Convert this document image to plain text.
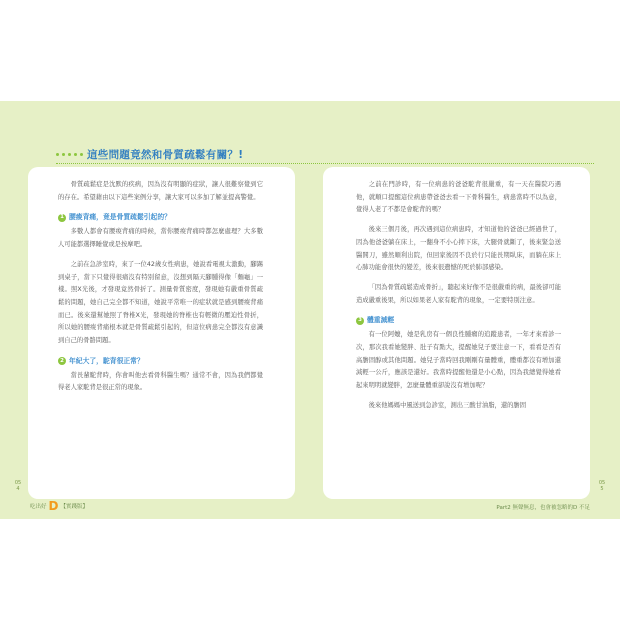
這些問題竟然和骨質疏鬆有關？!

骨質疏鬆症是沈默的疾病，因為沒有明顯的症狀，讓人很難察覺到它的存在。希望藉由以下這些案例分享，讓大家可以多加了解並提高警覺。

1 腰痠背痛，竟是骨質疏鬆引起的？

多數人都會有腰痠背痛的時候，當你腰痠背痛時都怎麼處理？大多數人可能都選擇睡覺或是按摩吧。

之前在急診室時，來了一位42歲女性病患，她說看電視太激動，腳踢到桌子，當下只覺得很痛沒有特別留意，沒想到隔天腳腫得像「麵龜」一樣。照X光後，才發現竟然骨折了。測量骨質密度，發現她有嚴重骨質疏鬆的問題，她自己完全都不知道，她說平常唯一的症狀就是感到腰痠背痛而已。後來還幫她照了脊椎X光，發現她的脊椎也有輕微的壓迫性骨折，所以她的腰痠背痛根本就是骨質疏鬆引起的，但這位病患完全都沒有意識到自己的骨骼問題。

2 年紀大了，駝背很正常？

當長輩駝背時，你會叫他去看骨科醫生嗎？通常不會，因為我們都覺得老人家駝背是很正常的現象。

之前在門診時，有一位病患的爸爸駝背很嚴重，有一天在醫院巧遇他，就順口提醒這位病患帶爸爸去看一下骨科醫生，病患當時不以為意，覺得人老了不都是會駝背的嗎？

後來三個月後，再次遇到這位病患時，才知道他的爸爸已經過世了，因為他爸爸躺在床上，一翻身不小心摔下床，大腿骨就斷了，後來緊急送醫開刀，雖然順利出院，但回家後因不良於行只能長期臥床，而躺在床上心肺功能會很快的變差，後來很遺憾的死於肺部感染。

「因為骨質疏鬆造成骨折」，聽起來好像不是很嚴重的病，最後卻可能造成嚴重後果，所以如果老人家有駝背的現象，一定要特別注意。

3 體重減輕

有一位阿嬤，她是乳房有一個良性腫瘤的追蹤患者，一年才來看診一次，那次我看她變胖、肚子有點大，提醒她兒子要注意一下，看看是否有高膽固醇或其他問題。她兒子當時回我剛剛有量體重，體重都沒有增加還減輕一公斤，應該是還好。我當時提醒他還是小心點，因為我總覺得她看起來明明就變胖，怎麼量體重卻說沒有增加呢？

後來他媽媽中風送到急診室，測出三酸甘油脂，還的膽固

054
055
吃出好 D 【實踐版】	Part2 無聲無息，也會被忽略的D 不足
